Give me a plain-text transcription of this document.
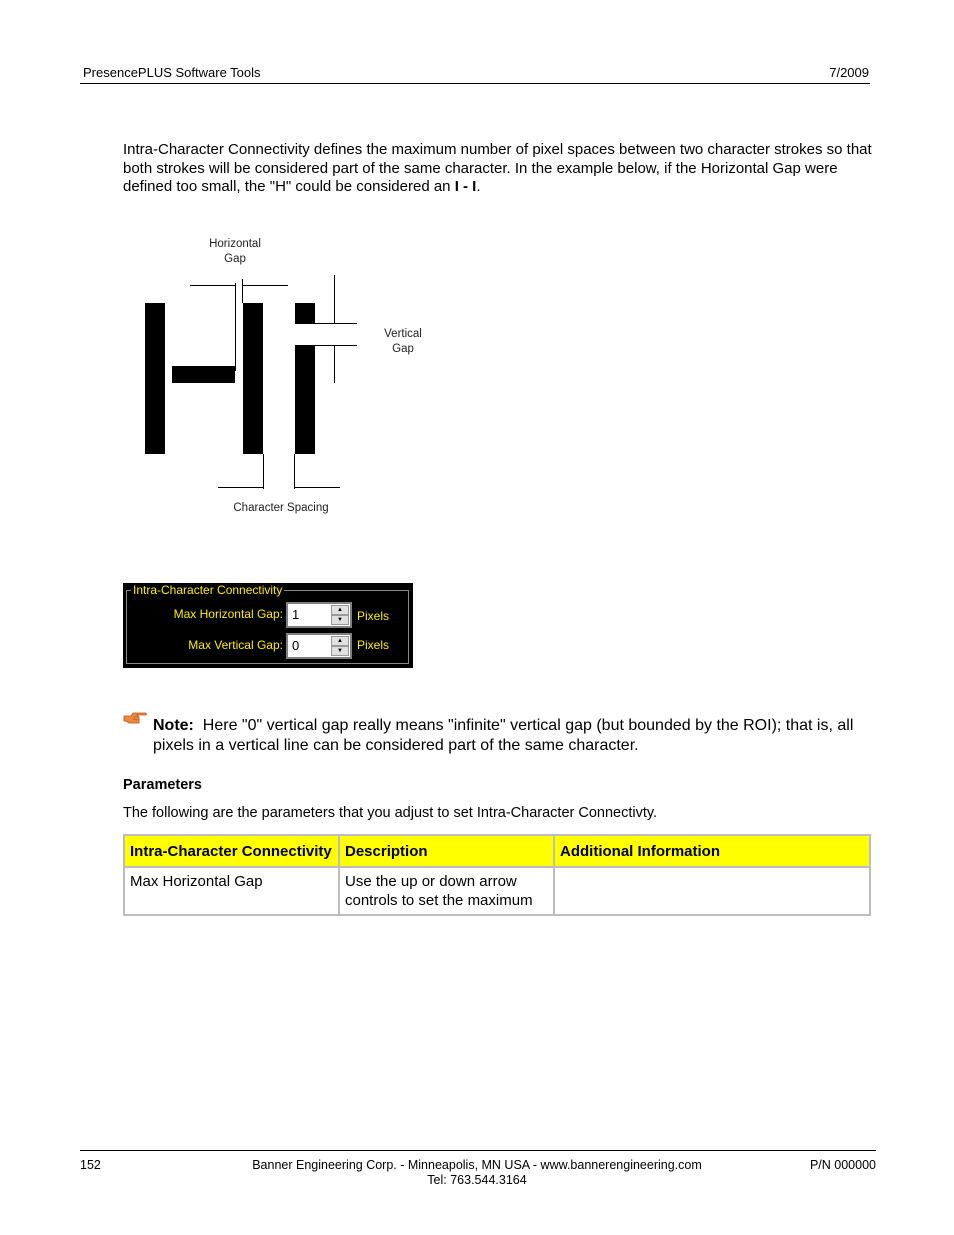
PresencePLUS Software Tools	7/2009
Intra-Character Connectivity defines the maximum number of pixel spaces between two character strokes so that both strokes will be considered part of the same character. In the example below, if the Horizontal Gap were defined too small, the "H" could be considered an I - I.
Horizontal
Gap
Vertical
Gap
Character Spacing
Intra-Character Connectivity
Max Horizontal Gap: 1	▲
▼	Pixels
Max Vertical Gap: 0	▲
▼	Pixels
Note: Here "0" vertical gap really means "infinite" vertical gap (but bounded by the ROI); that is, all pixels in a vertical line can be considered part of the same character.
Parameters
The following are the parameters that you adjust to set Intra-Character Connectivty.
Intra-Character Connectivity	Description	Additional Information
Max Horizontal Gap	Use the up or down arrow controls to set the maximum	
152	Banner Engineering Corp. - Minneapolis, MN USA - www.bannerengineering.com
Tel: 763.544.3164
P/N 000000
